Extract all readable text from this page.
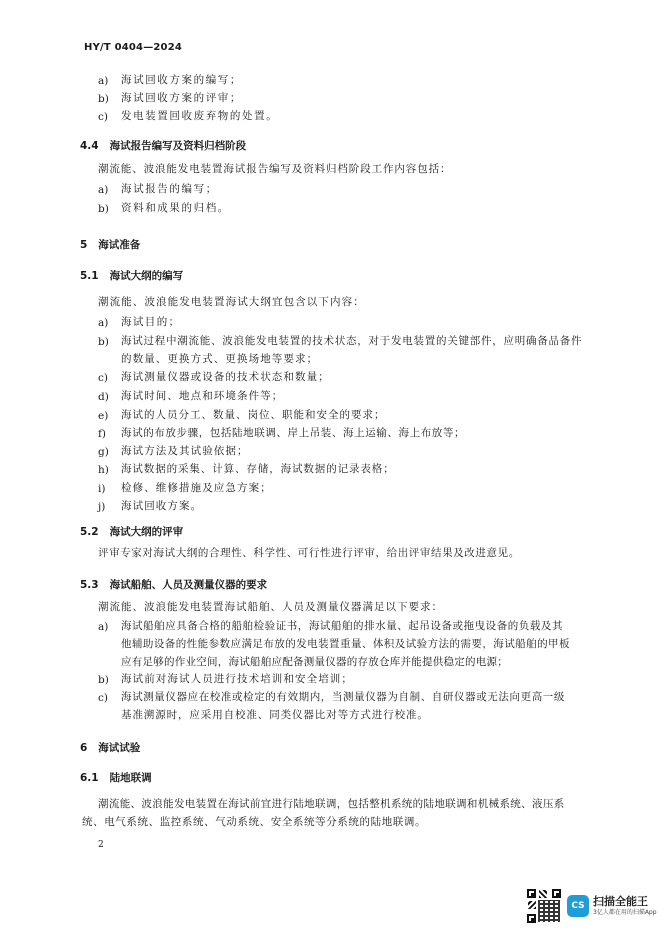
HY/T 0404—2024
a) 海试回收方案的编写；
b) 海试回收方案的评审；
c) 发电装置回收废弃物的处置。
4.4 海试报告编写及资料归档阶段
潮流能、波浪能发电装置海试报告编写及资料归档阶段工作内容包括：
a) 海试报告的编写；
b) 资料和成果的归档。
5 海试准备
5.1 海试大纲的编写
潮流能、波浪能发电装置海试大纲宜包含以下内容：
a) 海试目的；
b) 海试过程中潮流能、波浪能发电装置的技术状态，对于发电装置的关键部件，应明确备品备件
的数量、更换方式、更换场地等要求；
c) 海试测量仪器或设备的技术状态和数量；
d) 海试时间、地点和环境条件等；
e) 海试的人员分工、数量、岗位、职能和安全的要求；
f) 海试的布放步骤，包括陆地联调、岸上吊装、海上运输、海上布放等；
g) 海试方法及其试验依据；
h) 海试数据的采集、计算、存储，海试数据的记录表格；
i) 检修、维修措施及应急方案；
j) 海试回收方案。
5.2 海试大纲的评审
评审专家对海试大纲的合理性、科学性、可行性进行评审，给出评审结果及改进意见。
5.3 海试船舶、人员及测量仪器的要求
潮流能、波浪能发电装置海试船舶、人员及测量仪器满足以下要求：
a) 海试船舶应具备合格的船舶检验证书，海试船舶的排水量、起吊设备或拖曳设备的负载及其
他辅助设备的性能参数应满足布放的发电装置重量、体积及试验方法的需要，海试船舶的甲板
应有足够的作业空间，海试船舶应配备测量仪器的存放仓库并能提供稳定的电源；
b) 海试前对海试人员进行技术培训和安全培训；
c) 海试测量仪器应在校准或检定的有效期内，当测量仪器为自制、自研仪器或无法向更高一级
基准溯源时，应采用自校准、同类仪器比对等方式进行校准。
6 海试试验
6.1 陆地联调
潮流能、波浪能发电装置在海试前宜进行陆地联调，包括整机系统的陆地联调和机械系统、液压系
统、电气系统、监控系统、气动系统、安全系统等分系统的陆地联调。
2
CS 扫描全能王
3亿人都在用的扫描App
